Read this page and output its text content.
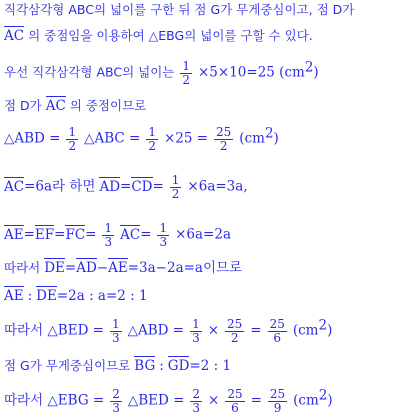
직각삼각형 ABC의 넓이를 구한 뒤 점 G가 무게중심이고, 점 D가
AC 의 중점임을 이용하여 △EBG의 넓이를 구할 수 있다.
우선 직각삼각형 ABC의 넓이는 $\frac{1}{2} \times 5\times 10=25$ $(cm^2)$
점 D가 AC 의 중점이므로
△ABD = $\frac{1}{2}$ △ABC = $\frac{1}{2} \times 25 = \frac{25}{2} (cm^2)$
AC=6a라 하면 $AD=CD= \frac{1}{2} \times 6a=3a$,
$AE=EF=FC= \frac{1}{3} AC= \frac{1}{3} \times 6a=2a$
따라서 DE=AD−AE=3a−2a=a이므로
AE : DE=2a : a=2 : 1
따라서 △BED = $\frac{1}{3}$ △ABD = $\frac{1}{3} \times \frac{25}{2} = \frac{25}{6} (cm^2)$
점 G가 무게중심이므로 BG : GD=2 : 1
따라서 △EBG = $\frac{2}{3}$ △BED = $\frac{2}{3} \times \frac{25}{6} = \frac{25}{9} (cm^2)$
